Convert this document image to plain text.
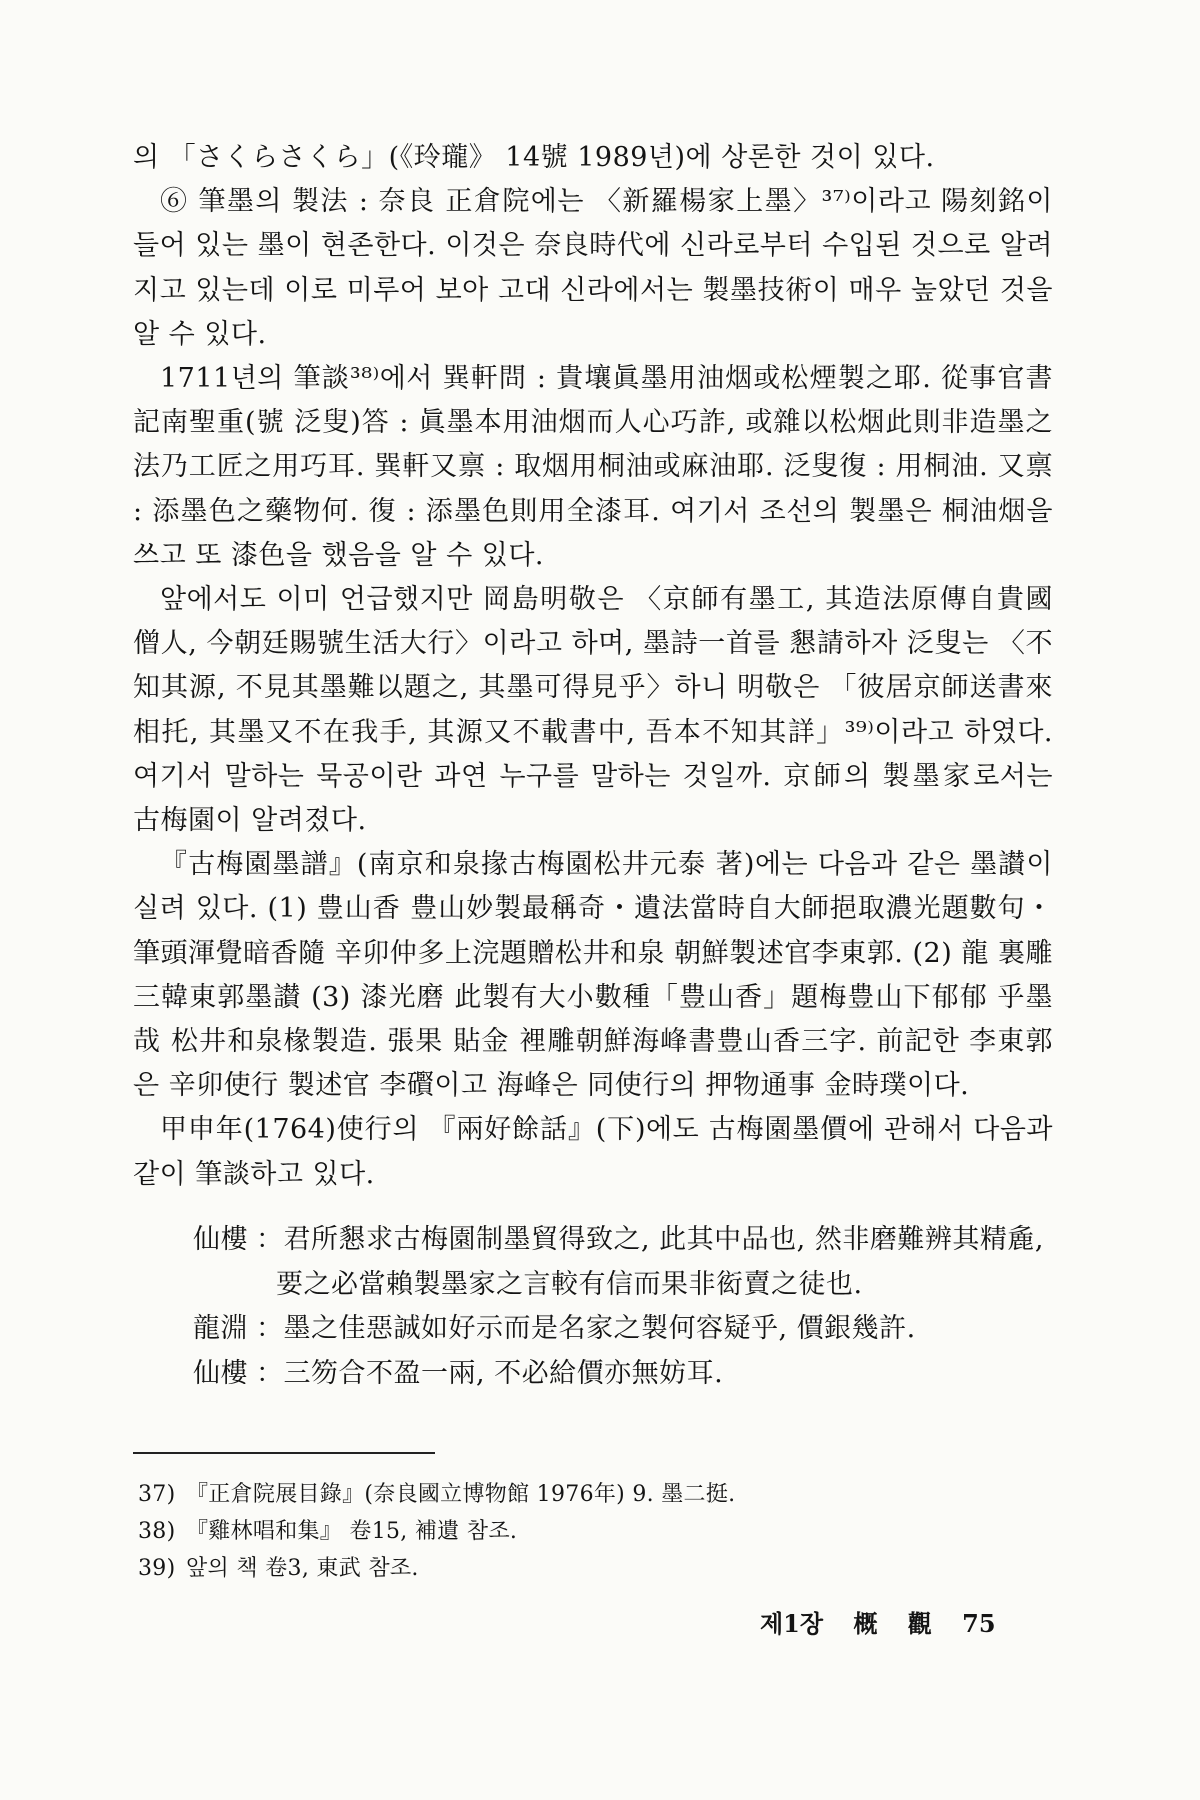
의 「さくらさくら」(《玲瓏》 14號 1989년)에 상론한 것이 있다.

⑥ 筆墨의 製法 : 奈良 正倉院에는 〈新羅楊家上墨〉³⁷⁾이라고 陽刻銘이 들어 있는 墨이 현존한다. 이것은 奈良時代에 신라로부터 수입된 것으로 알려지고 있는데 이로 미루어 보아 고대 신라에서는 製墨技術이 매우 높았던 것을 알 수 있다.

1711년의 筆談³⁸⁾에서 巽軒問 : 貴壤眞墨用油烟或松煙製之耶. 從事官書記南聖重(號 泛叟)答 : 眞墨本用油烟而人心巧詐, 或雜以松烟此則非造墨之法乃工匠之用巧耳. 巽軒又禀 : 取烟用桐油或麻油耶. 泛叟復 : 用桐油. 又禀 : 添墨色之藥物何. 復 : 添墨色則用全漆耳. 여기서 조선의 製墨은 桐油烟을 쓰고 또 漆色을 했음을 알 수 있다.

앞에서도 이미 언급했지만 岡島明敬은 〈京師有墨工, 其造法原傳自貴國僧人, 今朝廷賜號生活大行〉이라고 하며, 墨詩一首를 懇請하자 泛叟는 〈不知其源, 不見其墨難以題之, 其墨可得見乎〉하니 明敬은 「彼居京師送書來相托, 其墨又不在我手, 其源又不載書中, 吾本不知其詳」³⁹⁾이라고 하였다. 여기서 말하는 묵공이란 과연 누구를 말하는 것일까. 京師의 製墨家로서는 古梅園이 알려졌다.

『古梅園墨譜』(南京和泉掾古梅園松井元泰 著)에는 다음과 같은 墨讃이 실려 있다. (1) 豊山香 豊山妙製最稱奇・遺法當時自大師挹取濃光題數句・筆頭渾覺暗香隨 辛卯仲多上浣題贈松井和泉 朝鮮製述官李東郭. (2) 龍 裏雕 三韓東郭墨讃 (3) 漆光磨 此製有大小數種「豊山香」題梅豊山下郁郁 乎墨哉 松井和泉椽製造. 張果 貼金 裡雕朝鮮海峰書豊山香三字. 前記한 李東郭은 辛卯使行 製述官 李礥이고 海峰은 同使行의 押物通事 金時璞이다.

甲申年(1764)使行의 『兩好餘話』(下)에도 古梅園墨價에 관해서 다음과 같이 筆談하고 있다.

仙樓 ： 君所懇求古梅園制墨貿得致之, 此其中品也, 然非磨難辨其精麁,
要之必當賴製墨家之言較有信而果非衒賣之徒也.
龍淵 ： 墨之佳惡誠如好示而是名家之製何容疑乎, 價銀幾許.
仙樓 ： 三笏合不盈一兩, 不必給價亦無妨耳.
37) 『正倉院展目錄』(奈良國立博物館 1976年) 9. 墨二挺.
38) 『雞林唱和集』 卷15, 補遺 참조.
39) 앞의 책 卷3, 東武 참조.
제1장 概 觀 75
